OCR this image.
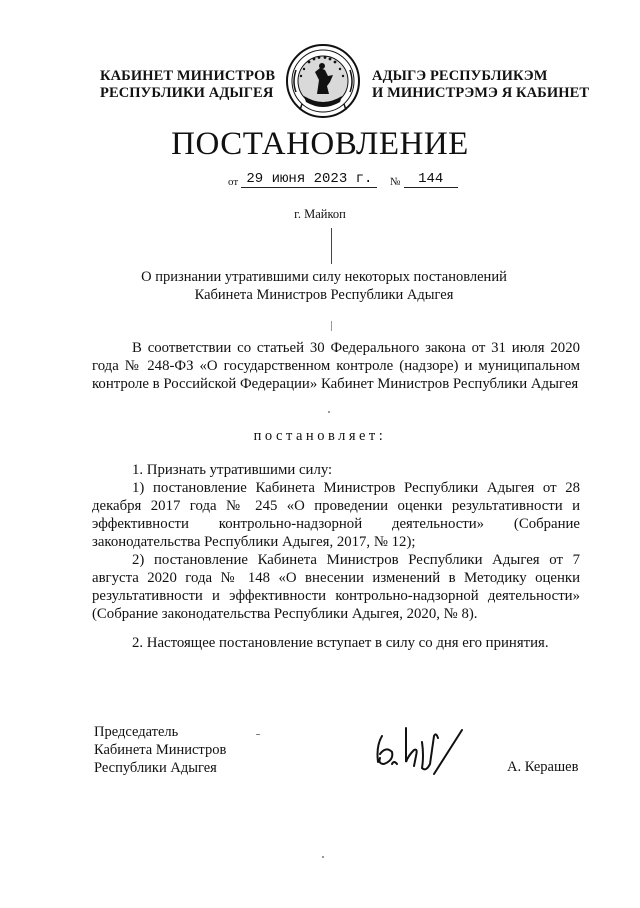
КАБИНЕТ МИНИСТРОВ
РЕСПУБЛИКИ АДЫГЕЯ
АДЫГЭ РЕСПУБЛИКЭМ
И МИНИСТРЭМЭ Я КАБИНЕТ
ПОСТАНОВЛЕНИЕ
$_{от}$ 29 июня 2023 г. $_№$ 144
г. Майкоп
О признании утратившими силу некоторых постановлений
Кабинета Министров Республики Адыгея

В соответствии со статьей 30 Федерального закона от 31 июля 2020 года № 248-ФЗ «О государственном контроле (надзоре) и муниципальном контроле в Российской Федерации» Кабинет Министров Республики Адыгея

постановляет:

1. Признать утратившими силу:

1) постановление Кабинета Министров Республики Адыгея от 28 декабря 2017 года № 245 «О проведении оценки результативности и эффективности контрольно-надзорной деятельности» (Собрание законодательства Республики Адыгея, 2017, № 12);

2) постановление Кабинета Министров Республики Адыгея от 7 августа 2020 года № 148 «О внесении изменений в Методику оценки результативности и эффективности контрольно-надзорной деятельности» (Собрание законодательства Республики Адыгея, 2020, № 8).

2. Настоящее постановление вступает в силу со дня его принятия.

Председатель
Кабинета Министров
Республики Адыгея	А. Керашев
